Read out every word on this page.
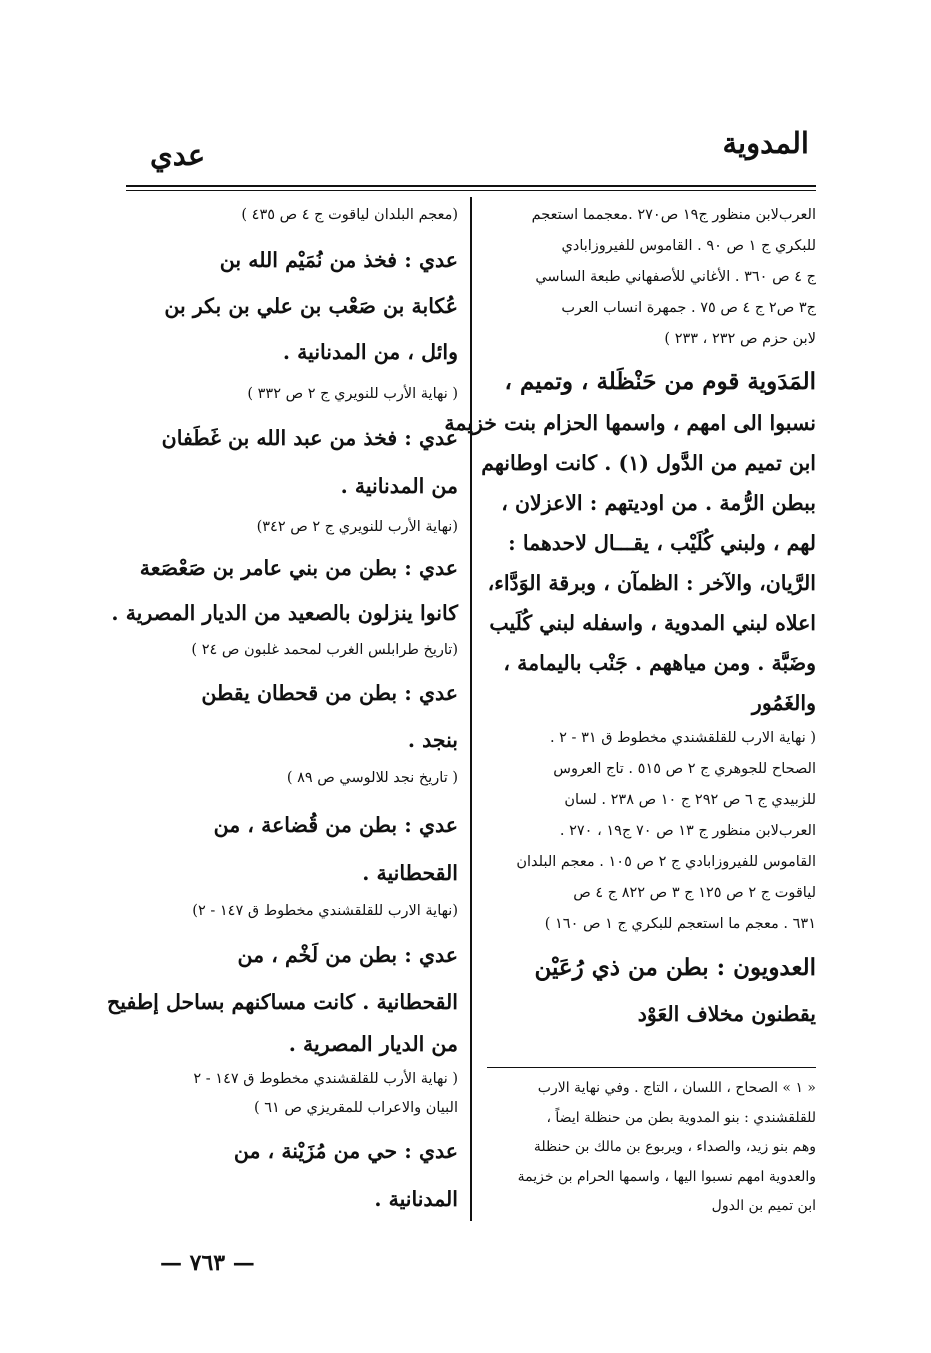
المدوية
عدي
العرب‌لابن منظور ج١٩ ص٢٧٠ .معجمما استعجم
للبكري ج ١ ص ٩٠ . القاموس للفيروزابادي
ج ٤ ص ٣٦٠ . الأغاني للأصفهاني طبعة الساسي
ج٣ ص٢ ج ٤ ص ٧٥ . جمهرة انساب العرب
لابن حزم ص ٢٣٢ ، ٢٣٣ )
المَدَوية قوم من حَنْظَلة ، وتميم ،
نسبوا الى امهم ، واسمها الحزام بنت خزيمة
ابن تميم من الدَّول (١) . كانت اوطانهم
ببطن الرُّمة . من اوديتهم : الاعزلان ،
لهم ، ولبني كُلَيْب ، يقـــال لاحدهما :
الرَّيان، والآخر : الظمآن ، وبرقة الوَدَّاء،
اعلاه لبني المدوية ، واسفله لبني كُلَيب
وضَبَّة . ومن مياههم . جَنْب باليمامة ،
والغَمُور
( نهاية الارب للقلقشندي مخطوط ق ٣١ - ٢ .
الصحاح للجوهري ج ٢ ص ٥١٥ . تاج العروس
للزبيدي ج ٦ ص ٢٩٢ ج ١٠ ص ٢٣٨ . لسان
العرب‌لابن منظور ج ١٣ ص ٧٠ ج١٩ ، ٢٧٠ .
القاموس للفيروزابادي ج ٢ ص ١٠٥ . معجم البلدان
لياقوت ج ٢ ص ١٢٥ ج ٣ ص ٨٢٢ ج ٤ ص
٦٣١ . معجم ما استعجم للبكري ج ١ ص ١٦٠ )
العدويون : بطن من ذي رُعَيْن
يقطنون مخلاف العَوْد
« ١ » الصحاح ، اللسان ، التاج . وفي نهاية الارب
للقلقشندي : بنو المدوية بطن من حنظلة ايضاً ،
وهم بنو زيد، والصداء ، ويربوع بن مالك بن حنظلة
والعدوية امهم نسبوا اليها ، واسمها الحرام بن خزيمة
ابن تميم بن الدول
(معجم البلدان لياقوت ج ٤ ص ٤٣٥ )
عدي : فخذ من نُمَيْم الله بن
عُكابة بن صَعْب بن علي بن بكر بن
وائل ، من المدنانية .
( نهاية الأرب للنويري ج ٢ ص ٣٣٢ )
عدي : فخذ من عبد الله بن غَطَفان
من المدنانية .
(نهاية الأرب للنويري ج ٢ ص ٣٤٢)
عدي : بطن من بني عامر بن صَعْصَعة
كانوا ينزلون بالصعيد من الديار المصرية .
(تاريخ طرابلس الغرب لمحمد غلبون ص ٢٤ )
عدي : بطن من قحطان يقطن
بنجد .
( تاريخ نجد للالوسي ص ٨٩ )
عدي : بطن من قُضاعة ، من
القحطانية .
(نهاية الارب للقلقشندي مخطوط ق ١٤٧ - ٢)
عدي : بطن من لَخْم ، من
القحطانية . كانت مساكنهم بساحل إطفيح
من الديار المصرية .
( نهاية الأرب للقلقشندي مخطوط ق ١٤٧ - ٢
البيان والاعراب للمقريزي ص ٦١ )
عدي : حي من مُزَيْنة ، من
المدنانية .
— ٧٦٣ —
